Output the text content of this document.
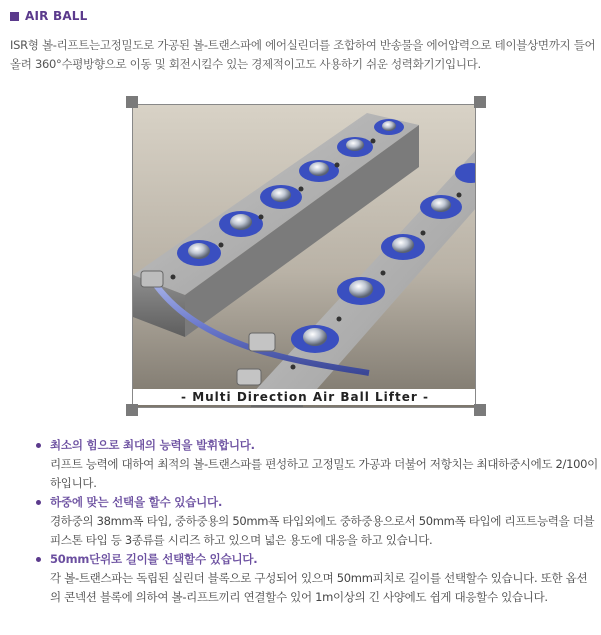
AIR BALL

ISR형 볼-리프트는고정밀도로 가공된 볼-트랜스파에 에어실린더를 조합하여 반송물을 에어압력으로 테이블상면까지 들어올려 360°수평방향으로 이동 및 회전시킬수 있는 경제적이고도 사용하기 쉬운 성력화기기입니다.

- Multi Direction Air Ball Lifter -
최소의 힘으로 최대의 능력을 발휘합니다.
리프트 능력에 대하여 최적의 볼-트랜스파를 편성하고 고정밀도 가공과 더불어 저항치는 최대하중시에도 2/100이하입니다.
하중에 맞는 선택을 할수 있습니다.
경하중의 38mm폭 타입, 중하중용의 50mm폭 타입외에도 중하중용으로서 50mm폭 타입에 리프트능력을 더블 피스톤 타입 등 3종류를 시리즈 하고 있으며 넓은 용도에 대응을 하고 있습니다.
50mm단위로 길이를 선택할수 있습니다.
각 볼-트랜스파는 독립된 실린더 블록으로 구성되어 있으며 50mm피치로 길이를 선택할수 있습니다. 또한 옵션의 콘넥션 블록에 의하여 볼-리프트끼리 연결할수 있어 1m이상의 긴 사양에도 쉽게 대응할수 있습니다.
